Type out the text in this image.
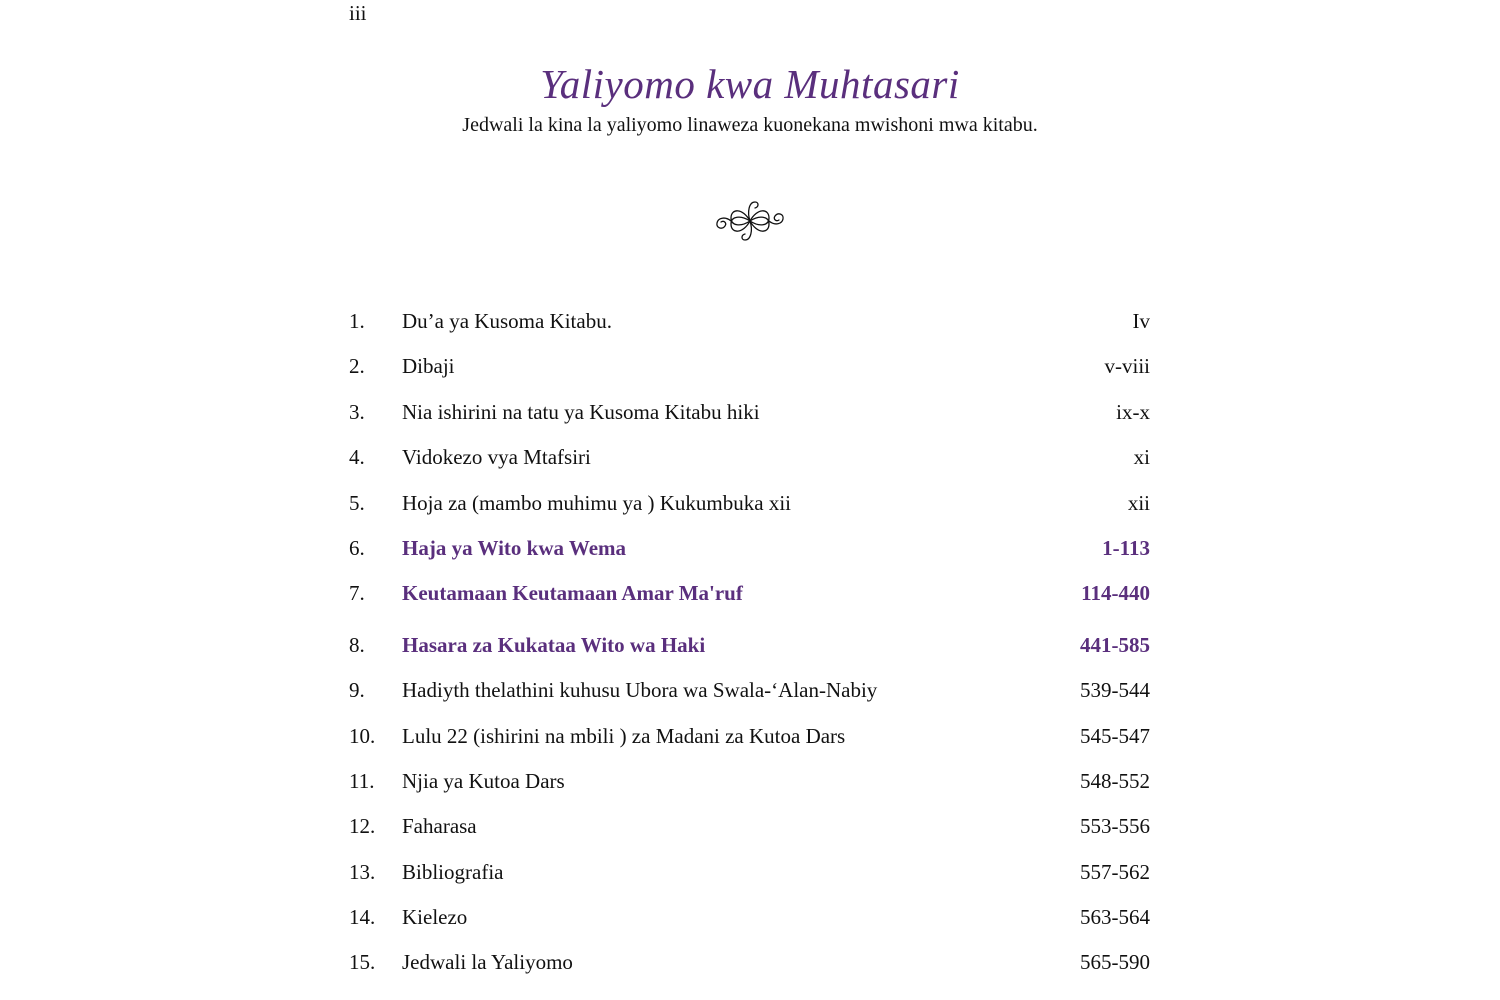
iii
Yaliyomo kwa Muhtasari
Jedwali la kina la yaliyomo linaweza kuonekana mwishoni mwa kitabu.
1. Du’a ya Kusoma Kitabu.	Iv
2. Dibaji	v-viii
3. Nia ishirini na tatu ya Kusoma Kitabu hiki	ix-x
4. Vidokezo vya Mtafsiri	xi
5. Hoja za (mambo muhimu ya ) Kukumbuka xii	xii
6. Haja ya Wito kwa Wema	1-113
7. Keutamaan Keutamaan Amar Ma'ruf	114-440
8. Hasara za Kukataa Wito wa Haki	441-585
9. Hadiyth thelathini kuhusu Ubora wa Swala-‘Alan-Nabiy	539-544
10. Lulu 22 (ishirini na mbili ) za Madani za Kutoa Dars	545-547
11. Njia ya Kutoa Dars	548-552
12. Faharasa	553-556
13. Bibliografia	557-562
14. Kielezo	563-564
15. Jedwali la Yaliyomo	565-590
